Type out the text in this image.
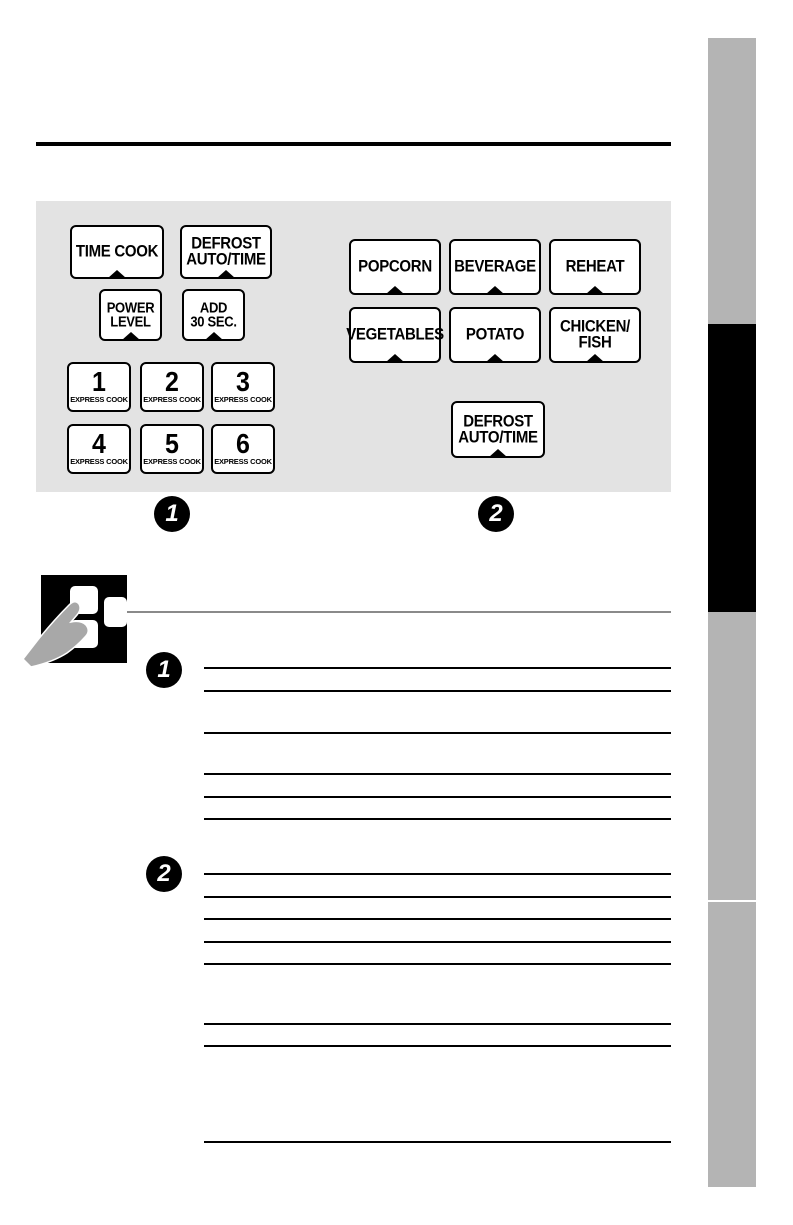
TIME COOK DEFROST
AUTO/TIME
POWER
LEVEL
ADD
30 SEC.
1
EXPRESS COOK
2
EXPRESS COOK
3
EXPRESS COOK
4
EXPRESS COOK
5
EXPRESS COOK
6
EXPRESS COOK
POPCORN BEVERAGE REHEAT
VEGETABLES POTATO CHICKEN/
FISH
DEFROST
AUTO/TIME
1	2
1
2
